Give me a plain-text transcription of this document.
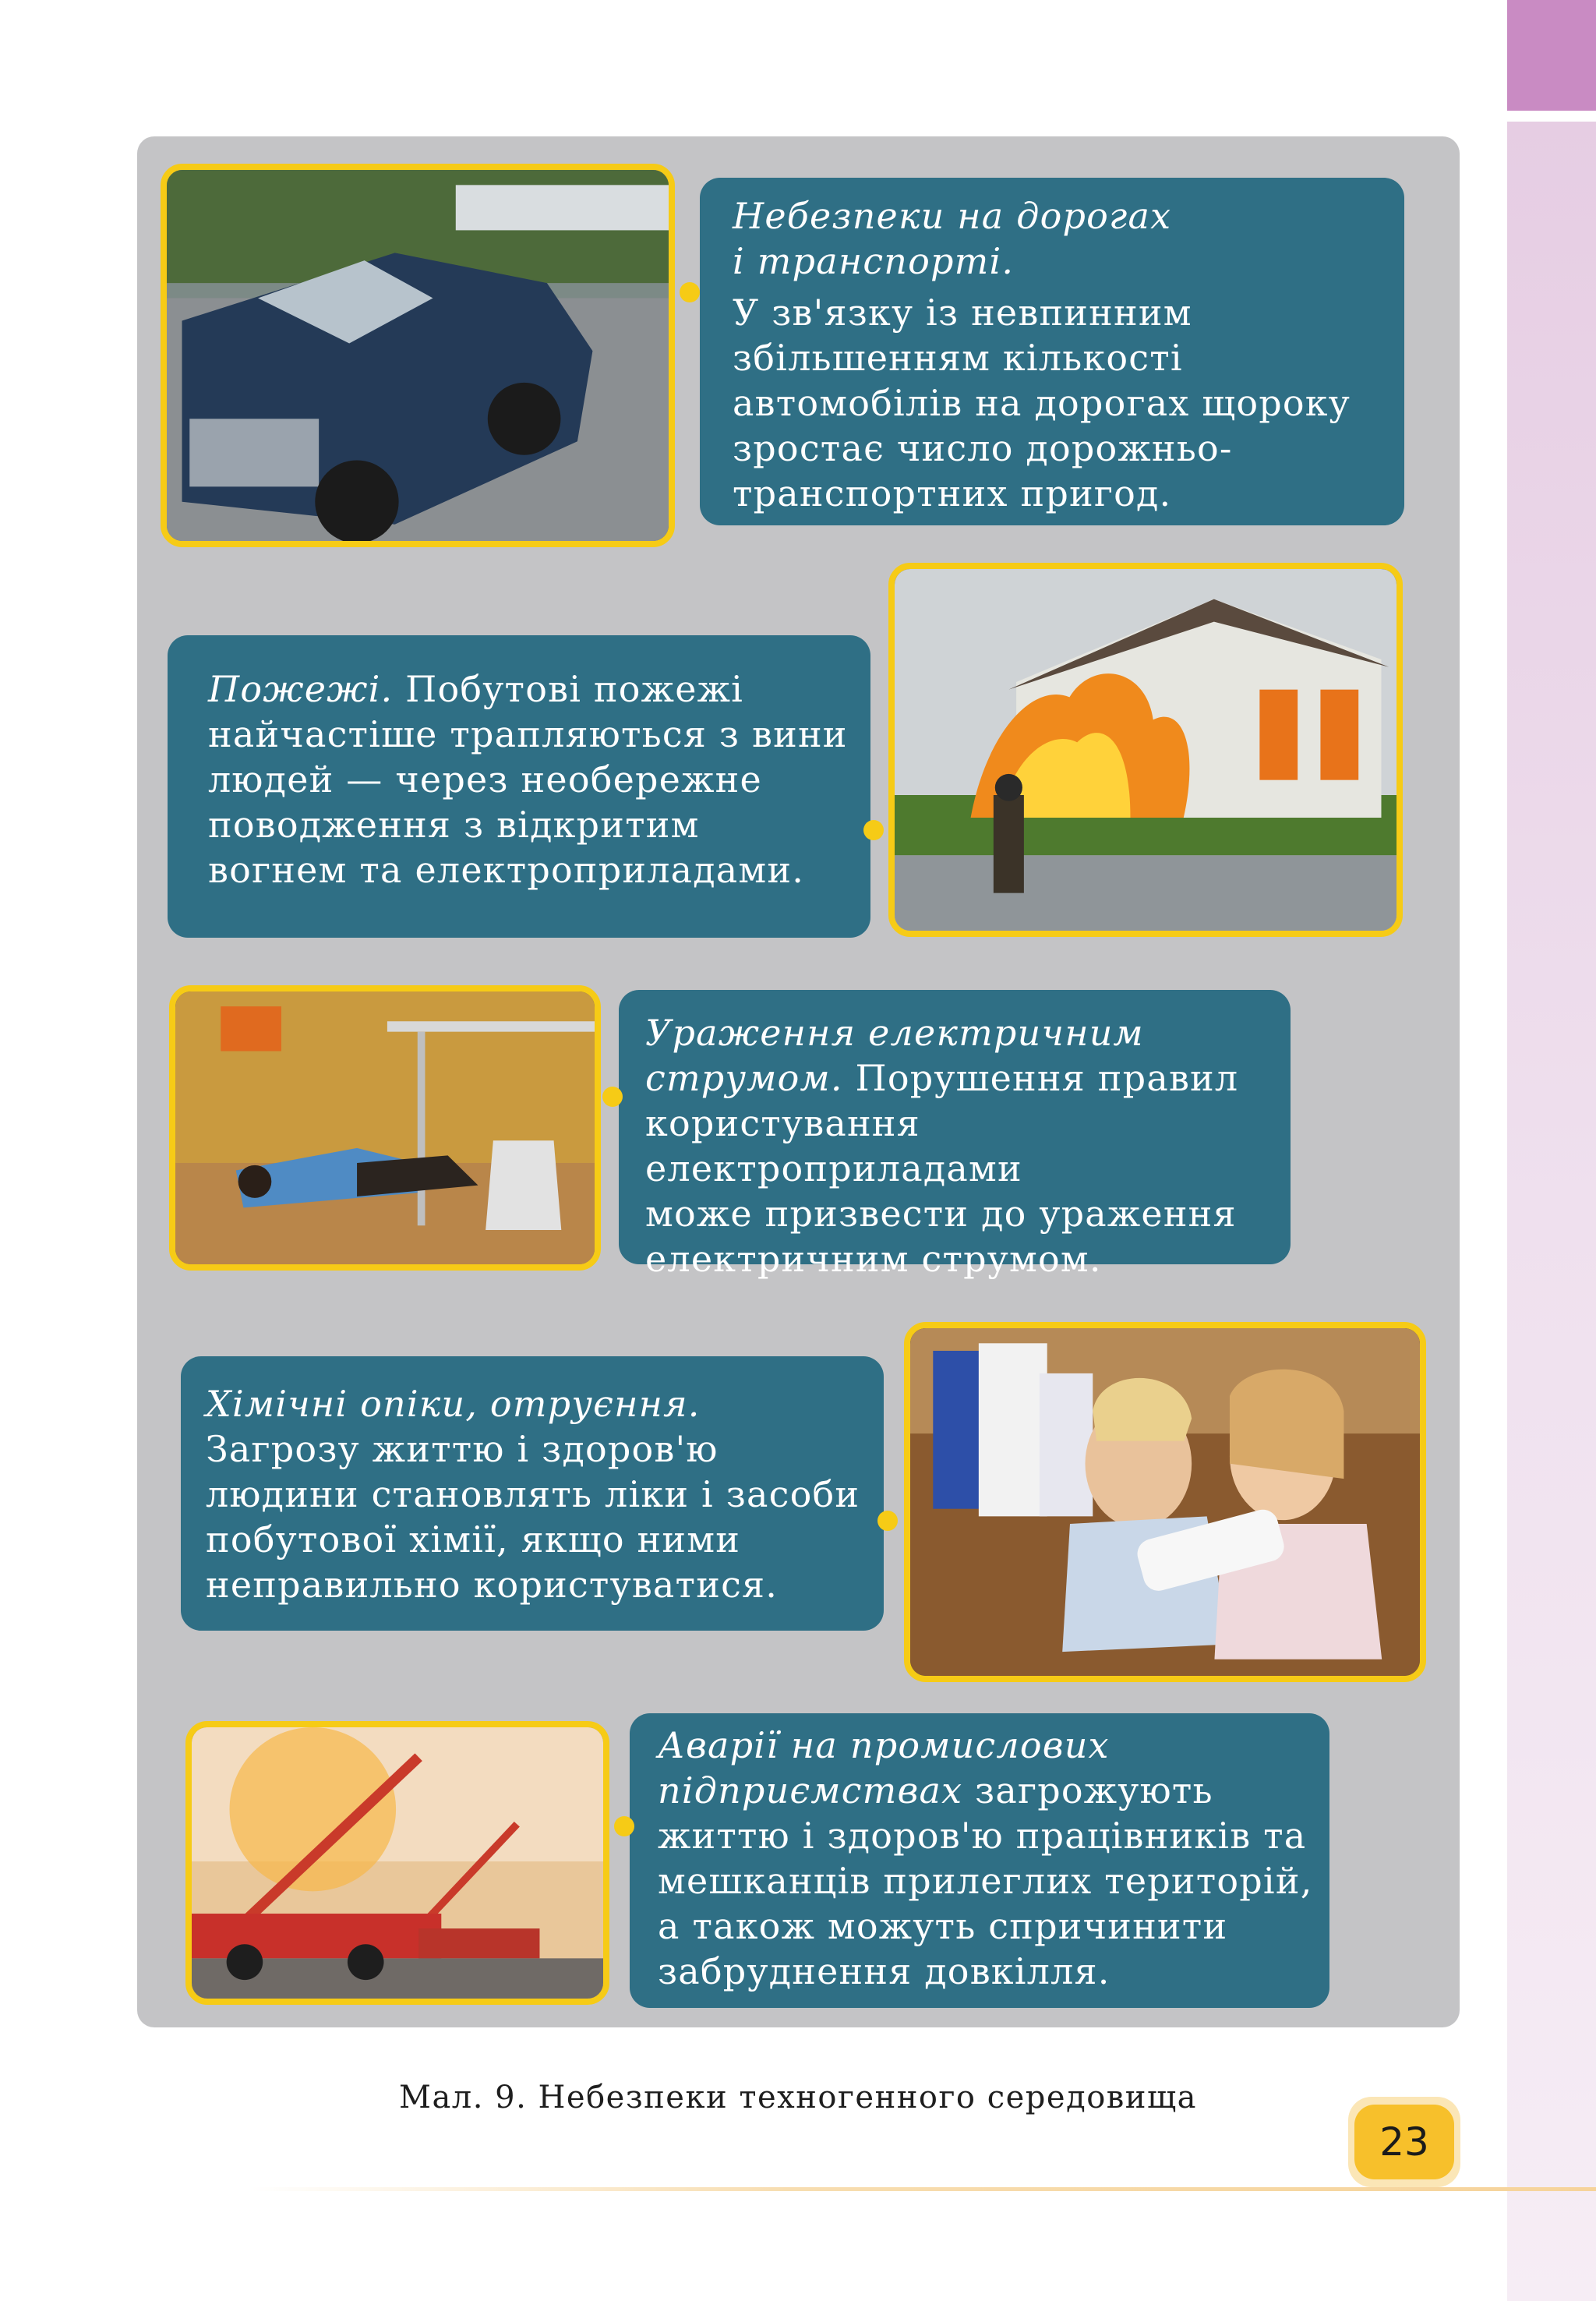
Небезпеки на дорогах
і транспорті.
У зв'язку із невпинним
збільшенням кількості
автомобілів на дорогах щороку
зростає число дорожньо-
транспортних пригод.
Пожежі. Побутові пожежі
найчастіше трапляються з вини
людей — через необережне
поводження з відкритим
вогнем та електроприладами.
Ураження електричним
струмом. Порушення правил
користування електроприладами
може призвести до ураження
електричним струмом.
Хімічні опіки, отруєння.
Загрозу життю і здоров'ю
людини становлять ліки і засоби
побутової хімії, якщо ними
неправильно користуватися.
Аварії на промислових
підприємствах загрожують
життю і здоров'ю працівників та
мешканців прилеглих територій,
а також можуть спричинити
забруднення довкілля.
Мал. 9. Небезпеки техногенного середовища
23
